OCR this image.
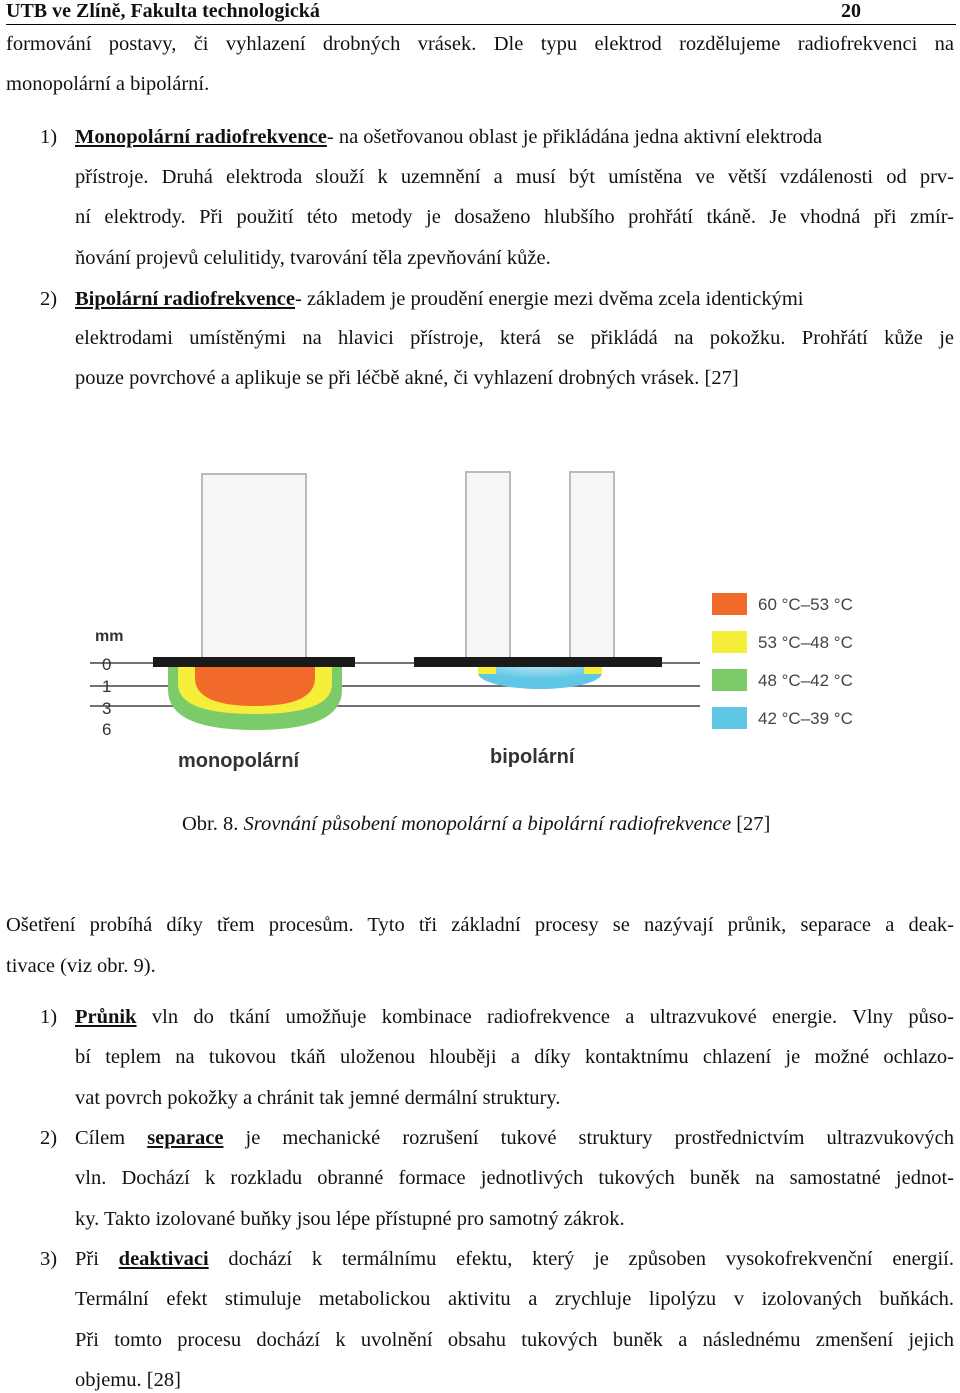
UTB ve Zlíně, Fakulta technologická	20
formování postavy, či vyhlazení drobných vrásek. Dle typu elektrod rozdělujeme radiofrekvenci na
monopolární a bipolární.
1) Monopolární radiofrekvence- na ošetřovanou oblast je přikládána jedna aktivní elektroda
přístroje. Druhá elektroda slouží k uzemnění a musí být umístěna ve větší vzdálenosti od prv-
ní elektrody. Při použití této metody je dosaženo hlubšího prohřátí tkáně. Je vhodná při zmír-
ňování projevů celulitidy, tvarování těla zpevňování kůže.
2) Bipolární radiofrekvence- základem je proudění energie mezi dvěma zcela identickými
elektrodami umístěnými na hlavici přístroje, která se přikládá na pokožku. Prohřátí kůže je
pouze povrchové a aplikuje se při léčbě akné, či vyhlazení drobných vrásek. [27]
mm
0
1
3
6
monopolární	bipolární
60 °C–53 °C
53 °C–48 °C
48 °C–42 °C
42 °C–39 °C
Obr. 8. Srovnání působení monopolární a bipolární radiofrekvence [27]
Ošetření probíhá díky třem procesům. Tyto tři základní procesy se nazývají průnik, separace a deak-
tivace (viz obr. 9).
1) Průnik vln do tkání umožňuje kombinace radiofrekvence a ultrazvukové energie. Vlny půso-
bí teplem na tukovou tkáň uloženou hlouběji a díky kontaktnímu chlazení je možné ochlazo-
vat povrch pokožky a chránit tak jemné dermální struktury.
2) Cílem separace je mechanické rozrušení tukové struktury prostřednictvím ultrazvukových
vln. Dochází k rozkladu obranné formace jednotlivých tukových buněk na samostatné jednot-
ky. Takto izolované buňky jsou lépe přístupné pro samotný zákrok.
3) Při deaktivaci dochází k termálnímu efektu, který je způsoben vysokofrekvenční energií.
Termální efekt stimuluje metabolickou aktivitu a zrychluje lipolýzu v izolovaných buňkách.
Při tomto procesu dochází k uvolnění obsahu tukových buněk a následnému zmenšení jejich
objemu. [28]
